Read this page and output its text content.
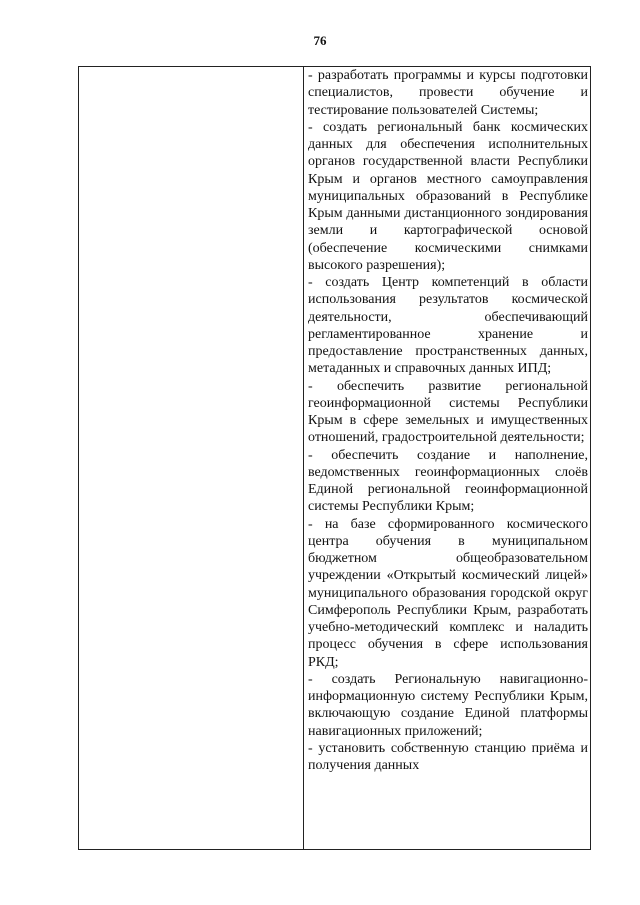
76

- разработать программы и курсы подготовки специалистов, провести обучение и тестирование пользователей Системы;

- создать региональный банк космических данных для обеспечения исполнительных органов государственной власти Республики Крым и органов местного самоуправления муниципальных образований в Республике Крым данными дистанционного зондирования земли и картографической основой (обеспечение космическими снимками высокого разрешения);

- создать Центр компетенций в области использования результатов космической деятельности, обеспечивающий регламентированное хранение и предоставление пространственных данных, метаданных и справочных данных ИПД;

- обеспечить развитие региональной геоинформационной системы Республики Крым в сфере земельных и имущественных отношений, градостроительной деятельности;

- обеспечить создание и наполнение, ведомственных геоинформационных слоёв Единой региональной геоинформационной системы Республики Крым;

- на базе сформированного космического центра обучения в муниципальном бюджетном общеобразовательном учреждении «Открытый космический лицей» муниципального образования городской округ Симферополь Республики Крым, разработать учебно-методический комплекс и наладить процесс обучения в сфере использования РКД;

- создать Региональную навигационно-информационную систему Республики Крым, включающую создание Единой платформы навигационных приложений;

- установить собственную станцию приёма и получения данных
